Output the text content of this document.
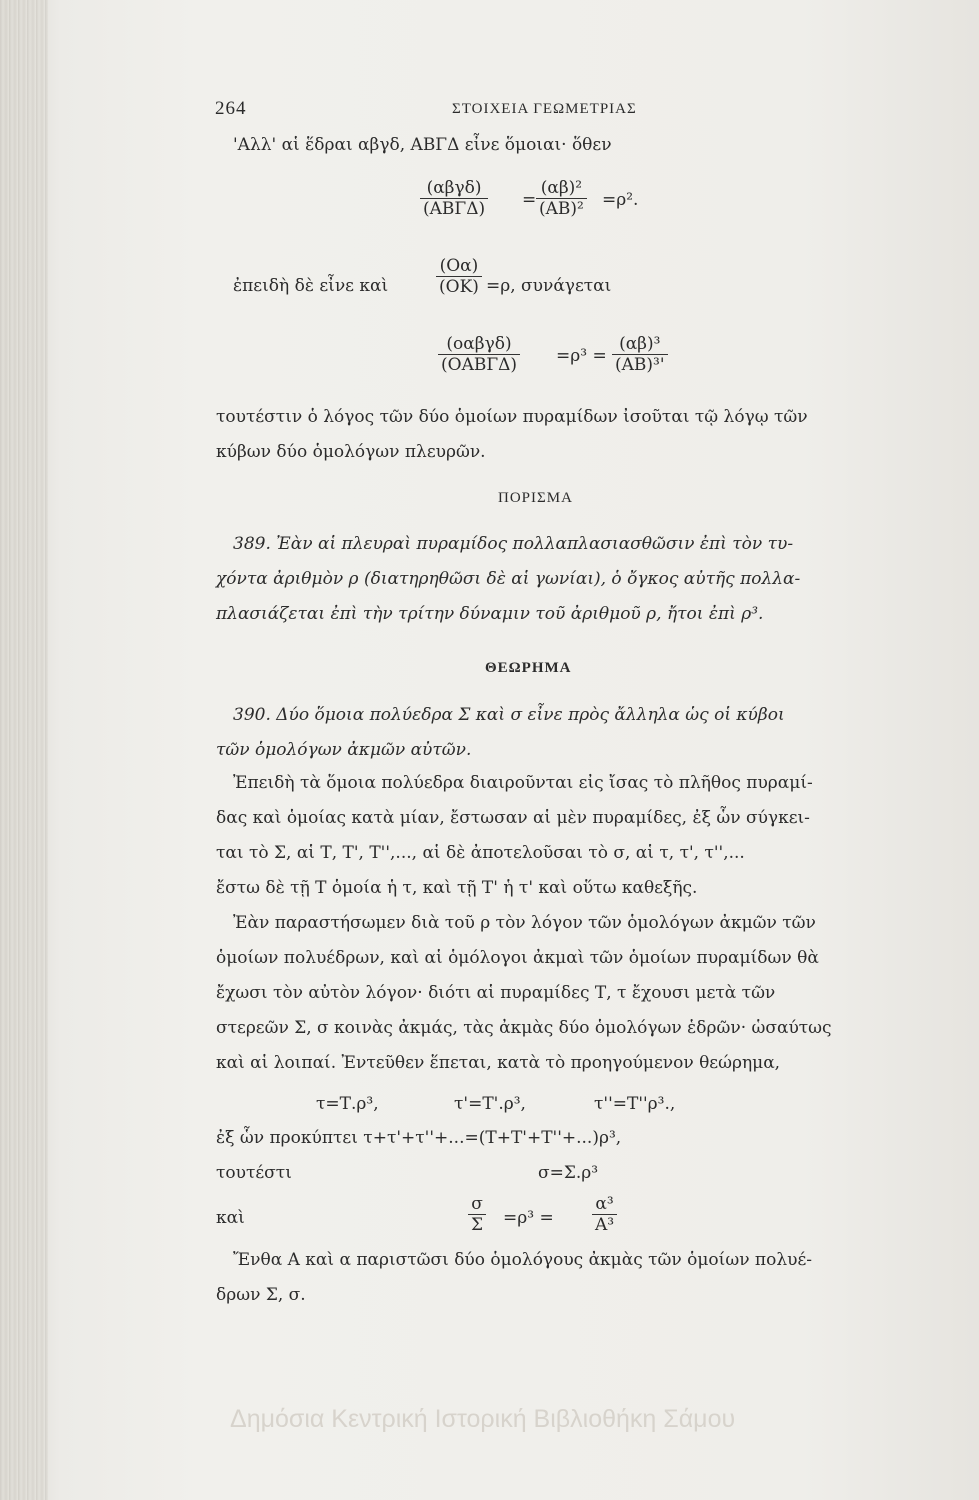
264	ΣΤΟΙΧΕΙΑ ΓΕΩΜΕΤΡΙΑΣ
'Αλλ' αἱ ἕδραι αβγδ, ΑΒΓΔ εἶνε ὅμοιαι· ὅθεν
(αβγδ)
$(AB\Gamma\Delta) = \frac{\text{(αβ)²}}{\text{(ΑΒ)²}} =\rho^2$.
ἐπειδὴ δὲ εἶνε καὶ	$\frac{(O\alpha)}{(OK)} =\rho$, συνάγεται
(οαβγδ)
$(OAB\Gamma\Delta) =\rho^3 = \frac{\text{(αβ)³}}{\text{(ΑΒ)³'}}$
τουτέστιν ὁ λόγος τῶν δύο ὁμοίων πυραμίδων ἰσοῦται τῷ λόγῳ τῶν
κύβων δύο ὁμολόγων πλευρῶν.
ΠΟΡΙΣΜΑ
389. Ἐὰν αἱ πλευραὶ πυραμίδος πολλαπλασιασθῶσιν ἐπὶ τὸν τυ-
χόντα ἀριθμὸν ρ (διατηρηθῶσι δὲ αἱ γωνίαι), ὁ ὄγκος αὐτῆς πολλα-
πλασιάζεται ἐπὶ τὴν τρίτην δύναμιν τοῦ ἀριθμοῦ ρ, ἤτοι ἐπὶ ρ³.
ΘΕΩΡΗΜΑ
390. Δύο ὅμοια πολύεδρα Σ καὶ σ εἶνε πρὸς ἄλληλα ὡς οἱ κύβοι
τῶν ὁμολόγων ἀκμῶν αὐτῶν.
Ἐπειδὴ τὰ ὅμοια πολύεδρα διαιροῦνται εἰς ἴσας τὸ πλῆθος πυραμί-
δας καὶ ὁμοίας κατὰ μίαν, ἔστωσαν αἱ μὲν πυραμίδες, ἐξ ὧν σύγκει-
ται τὸ Σ, αἱ Τ, Τ', Τ'',..., αἱ δὲ ἀποτελοῦσαι τὸ σ, αἱ τ, τ', τ'',...
ἔστω δὲ τῇ Τ ὁμοία ἡ τ, καὶ τῇ Τ' ἡ τ' καὶ οὕτω καθεξῆς.
Ἐὰν παραστήσωμεν διὰ τοῦ ρ τὸν λόγον τῶν ὁμολόγων ἀκμῶν τῶν
ὁμοίων πολυέδρων, καὶ αἱ ὁμόλογοι ἀκμαὶ τῶν ὁμοίων πυραμίδων θὰ
ἔχωσι τὸν αὐτὸν λόγον· διότι αἱ πυραμίδες Τ, τ ἔχουσι μετὰ τῶν
στερεῶν Σ, σ κοινὰς ἀκμάς, τὰς ἀκμὰς δύο ὁμολόγων ἑδρῶν· ὡσαύτως
καὶ αἱ λοιπαί. Ἐντεῦθεν ἕπεται, κατὰ τὸ προηγούμενον θεώρημα,
τ=Τ.ρ³,	τ'=Τ'.ρ³,	τ''=Τ''ρ³.,
ἐξ ὧν προκύπτει τ+τ'+τ''+...=(Τ+Τ'+Τ''+...)ρ³,
τουτέστι	σ=Σ.ρ³
καὶ	$\frac{\sigma}{\Sigma} =\rho^3 = \frac{\text{α³}}{\text{Α³}}$
Ἔνθα Α καὶ α παριστῶσι δύο ὁμολόγους ἀκμὰς τῶν ὁμοίων πολυέ-
δρων Σ, σ.
Δημόσια Κεντρική Ιστορική Βιβλιοθήκη Σάμου
